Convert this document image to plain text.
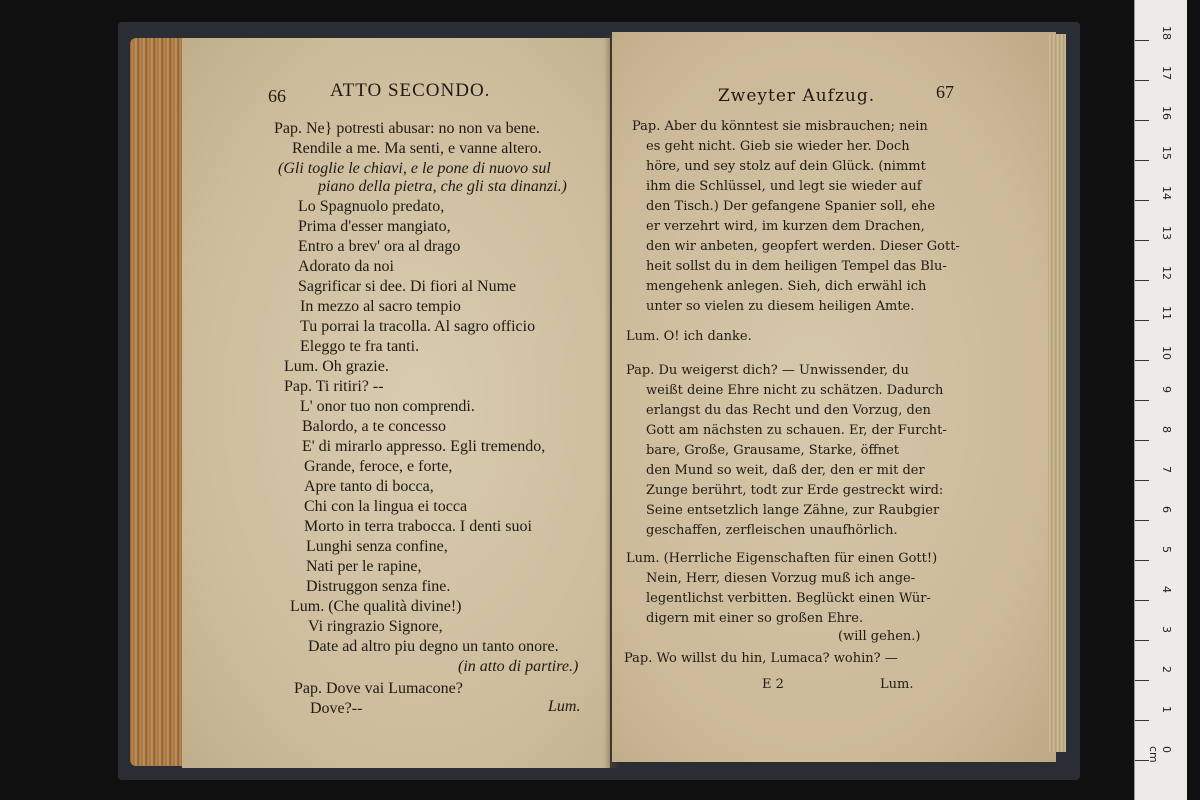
66 ATTO SECONDO.
Pap. Ne} potresti abusar: no non va bene.
Rendile a me. Ma senti, e vanne altero.
(Gli toglie le chiavi, e le pone di nuovo sul
piano della pietra, che gli sta dinanzi.)
Lo Spagnuolo predato,
Prima d'esser mangiato,
Entro a brev' ora al drago
Adorato da noi
Sagrificar si dee. Di fiori al Nume
In mezzo al sacro tempio
Tu porrai la tracolla. Al sagro officio
Eleggo te fra tanti.
Lum. Oh grazie.
Pap. Ti ritiri? --
L' onor tuo non comprendi.
Balordo, a te concesso
E' di mirarlo appresso. Egli tremendo,
Grande, feroce, e forte,
Apre tanto di bocca,
Chi con la lingua ei tocca
Morto in terra trabocca. I denti suoi
Lunghi senza confine,
Nati per le rapine,
Distruggon senza fine.
Lum. (Che qualità divine!)
Vi ringrazio Signore,
Date ad altro piu degno un tanto onore.
(in atto di partire.)
Pap. Dove vai Lumacone?
Dove?--	Lum.
Zweyter Aufzug.	67
Pap. Aber du könntest sie misbrauchen; nein
es geht nicht. Gieb sie wieder her. Doch
höre, und sey stolz auf dein Glück. (nimmt
ihm die Schlüssel, und legt sie wieder auf
den Tisch.) Der gefangene Spanier soll, ehe
er verzehrt wird, im kurzen dem Drachen,
den wir anbeten, geopfert werden. Dieser Gott-
heit sollst du in dem heiligen Tempel das Blu-
mengehenk anlegen. Sieh, dich erwähl ich
unter so vielen zu diesem heiligen Amte.
Lum. O! ich danke.
Pap. Du weigerst dich? — Unwissender, du
weißt deine Ehre nicht zu schätzen. Dadurch
erlangst du das Recht und den Vorzug, den
Gott am nächsten zu schauen. Er, der Furcht-
bare, Große, Grausame, Starke, öffnet
den Mund so weit, daß der, den er mit der
Zunge berührt, todt zur Erde gestreckt wird:
Seine entsetzlich lange Zähne, zur Raubgier
geschaffen, zerfleischen unaufhörlich.
Lum. (Herrliche Eigenschaften für einen Gott!)
Nein, Herr, diesen Vorzug muß ich ange-
legentlichst verbitten. Beglückt einen Wür-
digern mit einer so großen Ehre.
(will gehen.)
Pap. Wo willst du hin, Lumaca? wohin? —
E 2	Lum.
18
17
16
15
14
13
12
11
10
9
8
7
6
5
4
3
2
1
0 cm
